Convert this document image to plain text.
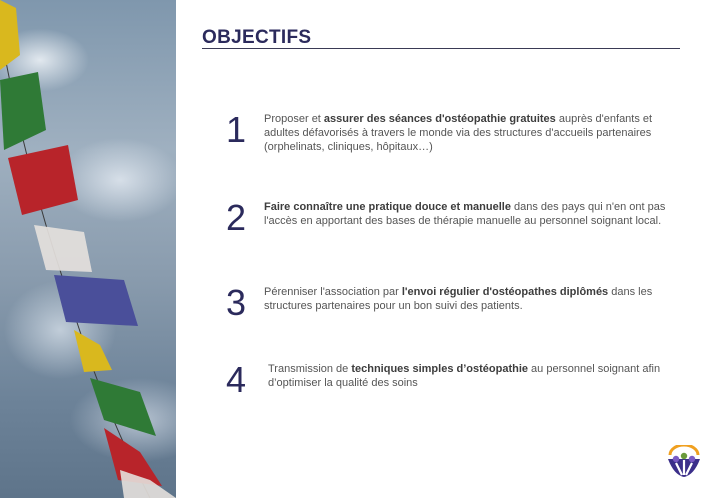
OBJECTIFS
1 Proposer et assurer des séances d'ostéopathie gratuites auprès d'enfants et adultes défavorisés à travers le monde via des structures d'accueils partenaires (orphelinats, cliniques, hôpitaux…)

2 Faire connaître une pratique douce et manuelle dans des pays qui n'en ont pas l'accès en apportant des bases de thérapie manuelle au personnel soignant local.

3 Pérenniser l'association par l'envoi régulier d'ostéopathes diplômés dans les structures partenaires pour un bon suivi des patients.

4 Transmission de techniques simples d’ostéopathie au personnel soignant afin d’optimiser la qualité des soins
